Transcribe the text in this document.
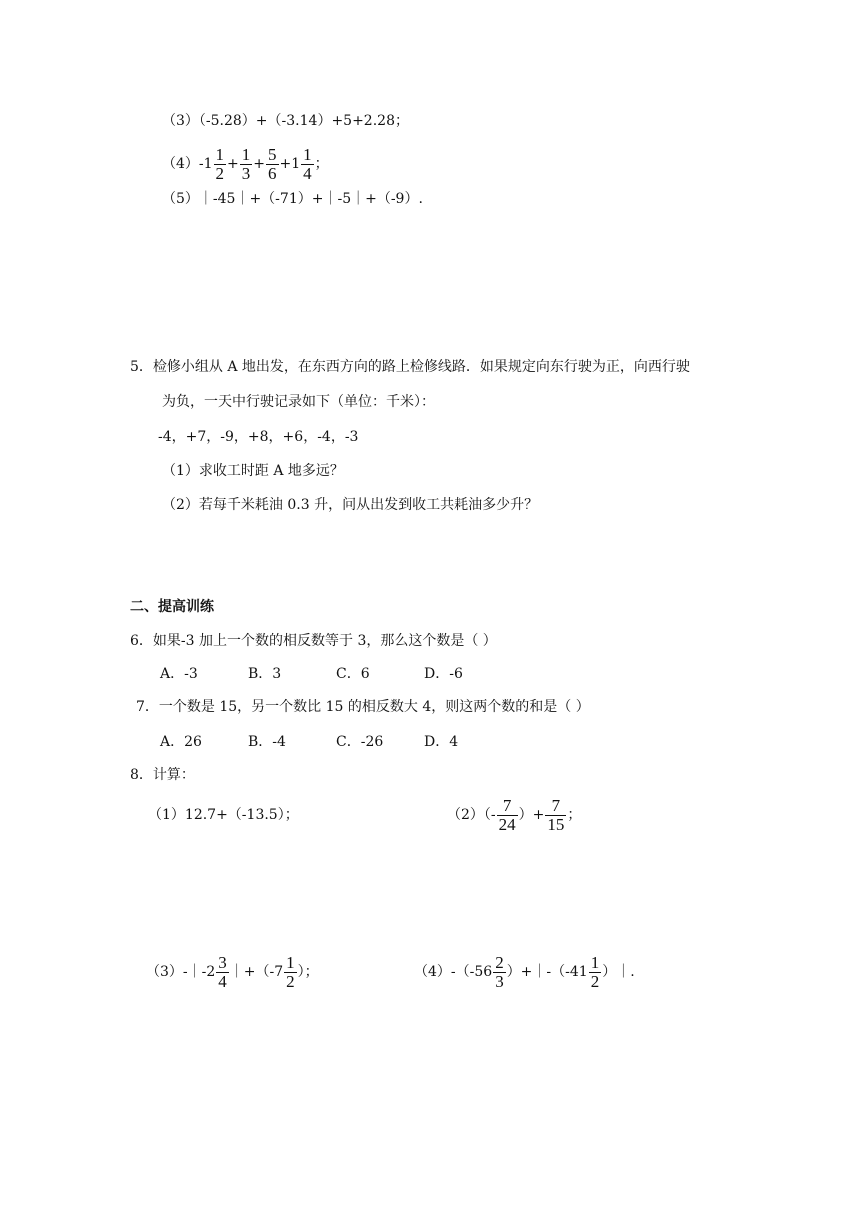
（3）（-5.28）+（-3.14）+5+2.28；
$(4)-1 \frac{1}{2} + \frac{1}{3} + \frac{5}{6} +1 \frac{1}{4}$ ；
（5）｜-45｜+（-71）+｜-5｜+（-9）.
5．检修小组从 A 地出发，在东西方向的路上检修线路．如果规定向东行驶为正，向西行驶
为负，一天中行驶记录如下（单位：千米）：
-4，+7，-9，+8，+6，-4，-3
（1）求收工时距 A 地多远？
（2）若每千米耗油 0.3 升，问从出发到收工共耗油多少升？
二、提高训练
6．如果-3 加上一个数的相反数等于 3，那么这个数是（ ）
A．-3	B．3	C．6	D．-6
7．一个数是 15，另一个数比 15 的相反数大 4，则这两个数的和是（ ）
A．26	B．-4	C．-26	D．4
8．计算：
（1）12.7+（-13.5）；	$(2)(- \frac{7}{24}$ ）+ $\frac{7}{15}$ ；
（3）-｜-2 $\frac{3}{4}$ ｜+（-7 $\frac{1}{2}$ ）；	$(4)-(-56 \frac{2}{3}$ ）+｜-（-41 $\frac{1}{2}$ ）｜.
